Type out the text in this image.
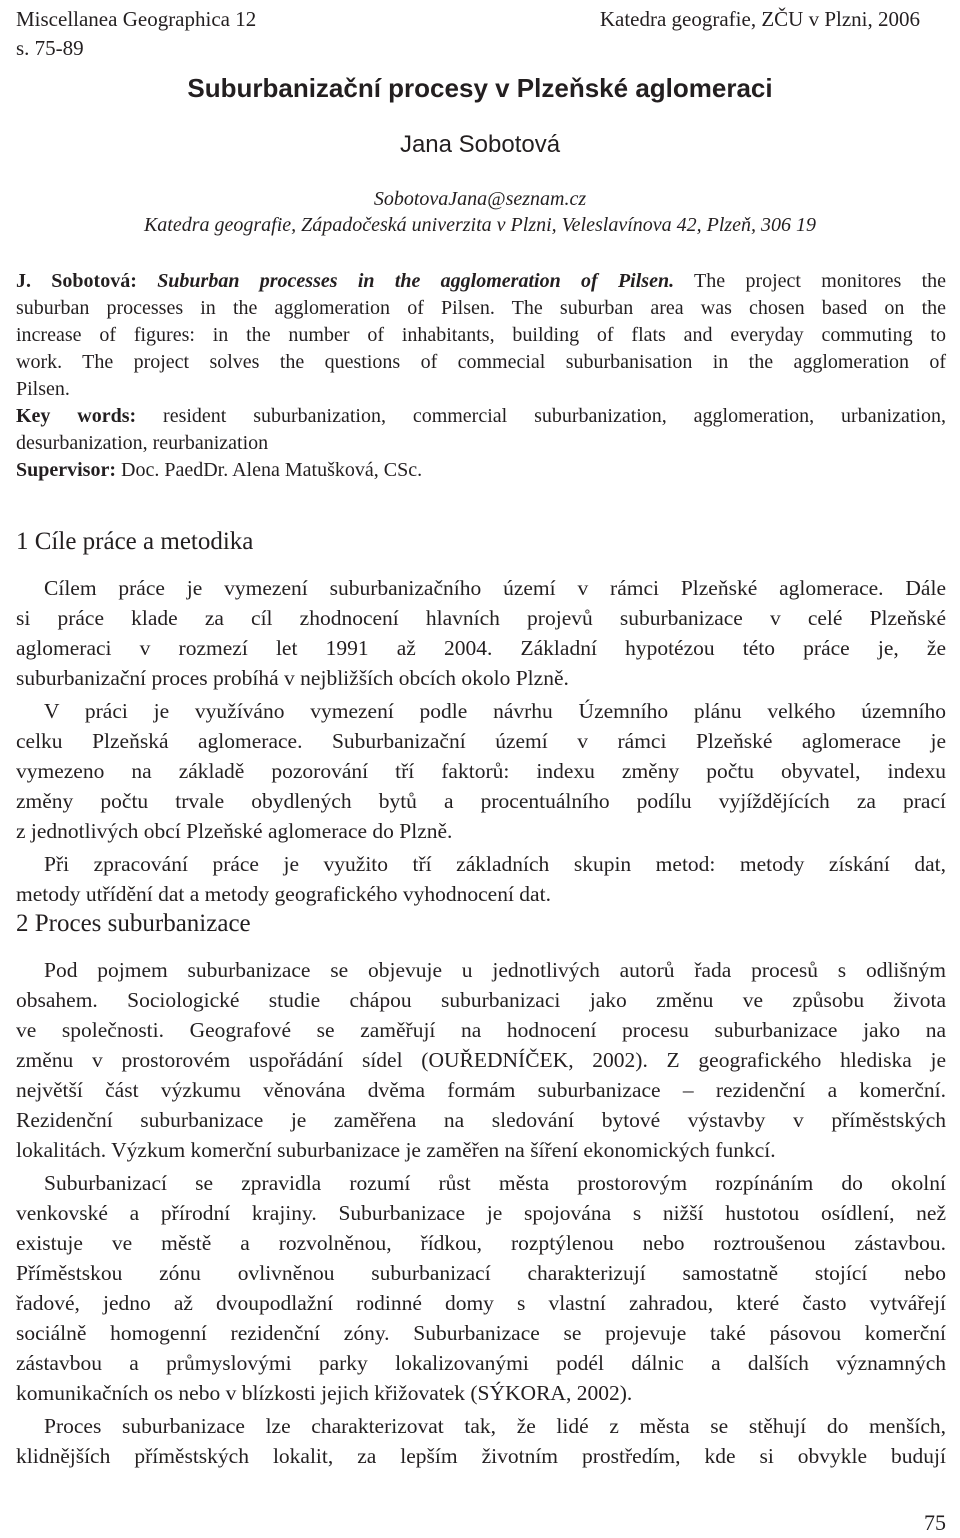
Miscellanea Geographica 12
s. 75-89
Katedra geografie, ZČU v Plzni, 2006
Suburbanizační procesy v Plzeňské aglomeraci
Jana Sobotová
SobotovaJana@seznam.cz
Katedra geografie, Západočeská univerzita v Plzni, Veleslavínova 42, Plzeň, 306 19
J. Sobotová: Suburban processes in the agglomeration of Pilsen. The project monitores the
suburban processes in the agglomeration of Pilsen. The suburban area was chosen based on the
increase of figures: in the number of inhabitants, building of flats and everyday commuting to
work. The project solves the questions of commecial suburbanisation in the agglomeration of
Pilsen.
Key words: resident suburbanization, commercial suburbanization, agglomeration, urbanization,
desurbanization, reurbanization
Supervisor: Doc. PaedDr. Alena Matušková, CSc.
1 Cíle práce a metodika
Cílem práce je vymezení suburbanizačního území v rámci Plzeňské aglomerace. Dále
si práce klade za cíl zhodnocení hlavních projevů suburbanizace v celé Plzeňské
aglomeraci v rozmezí let 1991 až 2004. Základní hypotézou této práce je, že
suburbanizační proces probíhá v nejbližších obcích okolo Plzně.
V práci je využíváno vymezení podle návrhu Územního plánu velkého územního
celku Plzeňská aglomerace. Suburbanizační území v rámci Plzeňské aglomerace je
vymezeno na základě pozorování tří faktorů: indexu změny počtu obyvatel, indexu
změny počtu trvale obydlených bytů a procentuálního podílu vyjíždějících za prací
z jednotlivých obcí Plzeňské aglomerace do Plzně.
Při zpracování práce je využito tří základních skupin metod: metody získání dat,
metody utřídění dat a metody geografického vyhodnocení dat.
2 Proces suburbanizace
Pod pojmem suburbanizace se objevuje u jednotlivých autorů řada procesů s odlišným
obsahem. Sociologické studie chápou suburbanizaci jako změnu ve způsobu života
ve společnosti. Geografové se zaměřují na hodnocení procesu suburbanizace jako na
změnu v prostorovém uspořádání sídel (OUŘEDNÍČEK, 2002). Z geografického hlediska je
největší část výzkumu věnována dvěma formám suburbanizace – rezidenční a komerční.
Rezidenční suburbanizace je zaměřena na sledování bytové výstavby v příměstských
lokalitách. Výzkum komerční suburbanizace je zaměřen na šíření ekonomických funkcí.
Suburbanizací se zpravidla rozumí růst města prostorovým rozpínáním do okolní
venkovské a přírodní krajiny. Suburbanizace je spojována s nižší hustotou osídlení, než
existuje ve městě a rozvolněnou, řídkou, rozptýlenou nebo roztroušenou zástavbou.
Příměstskou zónu ovlivněnou suburbanizací charakterizují samostatně stojící nebo
řadové, jedno až dvoupodlažní rodinné domy s vlastní zahradou, které často vytvářejí
sociálně homogenní rezidenční zóny. Suburbanizace se projevuje také pásovou komerční
zástavbou a průmyslovými parky lokalizovanými podél dálnic a dalších významných
komunikačních os nebo v blízkosti jejich křižovatek (SÝKORA, 2002).
Proces suburbanizace lze charakterizovat tak, že lidé z města se stěhují do menších,
klidnějších příměstských lokalit, za lepším životním prostředím, kde si obvykle budují
75
